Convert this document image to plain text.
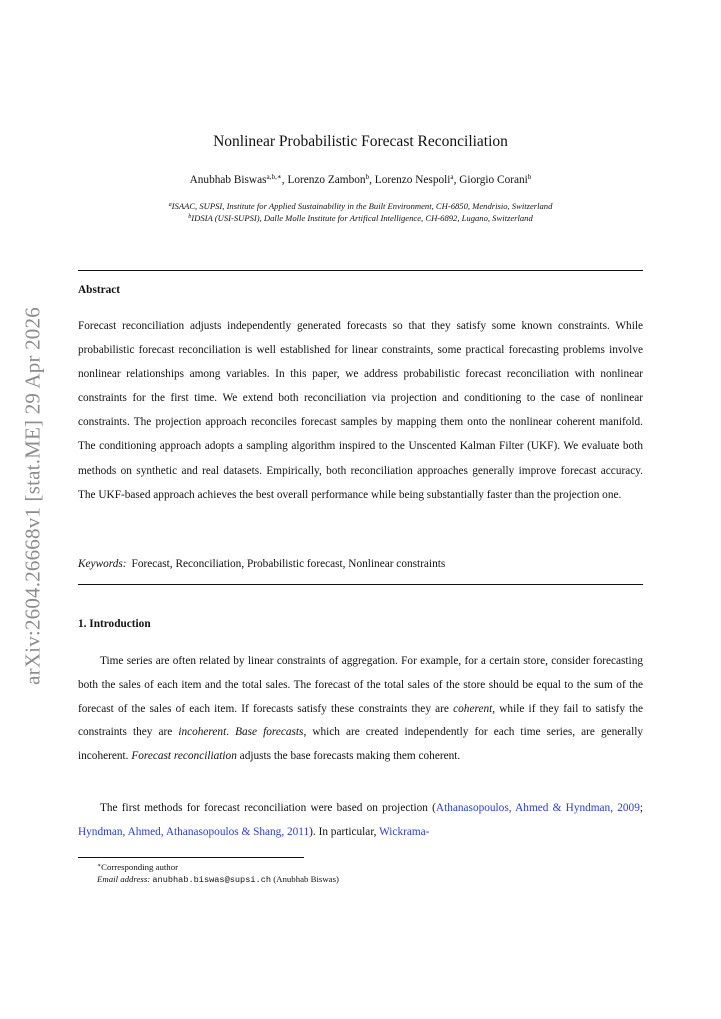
arXiv:2604.26668v1 [stat.ME] 29 Apr 2026
Nonlinear Probabilistic Forecast Reconciliation
Anubhab Biswas$^{a,b,∗}$, Lorenzo Zambon$^b$, Lorenzo Nespoli$^a$, Giorgio Corani$^b$
$^a$ISAAC, SUPSI, Institute for Applied Sustainability in the Built Environment, CH-6850, Mendrisio, Switzerland
$^b$IDSIA (USI-SUPSI), Dalle Molle Institute for Artifical Intelligence, CH-6892, Lugano, Switzerland
Abstract
Forecast reconciliation adjusts independently generated forecasts so that they satisfy some known constraints. While probabilistic forecast reconciliation is well established for linear constraints, some practical forecasting problems involve nonlinear relationships among variables. In this paper, we address probabilistic forecast reconciliation with nonlinear constraints for the first time. We extend both reconciliation via projection and conditioning to the case of nonlinear constraints. The projection approach reconciles forecast samples by mapping them onto the nonlinear coherent manifold. The conditioning approach adopts a sampling algorithm inspired to the Unscented Kalman Filter (UKF). We evaluate both methods on synthetic and real datasets. Empirically, both reconciliation approaches generally improve forecast accuracy. The UKF-based approach achieves the best overall performance while being substantially faster than the projection one.
Keywords: Forecast, Reconciliation, Probabilistic forecast, Nonlinear constraints
1. Introduction

Time series are often related by linear constraints of aggregation. For example, for a certain store, consider forecasting both the sales of each item and the total sales. The forecast of the total sales of the store should be equal to the sum of the forecast of the sales of each item. If forecasts satisfy these constraints they are coherent, while if they fail to satisfy the constraints they are incoherent. Base forecasts, which are created independently for each time series, are generally incoherent. Forecast reconciliation adjusts the base forecasts making them coherent.

The first methods for forecast reconciliation were based on projection (Athanasopoulos, Ahmed & Hyndman, 2009; Hyndman, Ahmed, Athanasopoulos & Shang, 2011). In particular, Wickrama-

∗Corresponding author
Email address: anubhab.biswas@supsi.ch (Anubhab Biswas)
